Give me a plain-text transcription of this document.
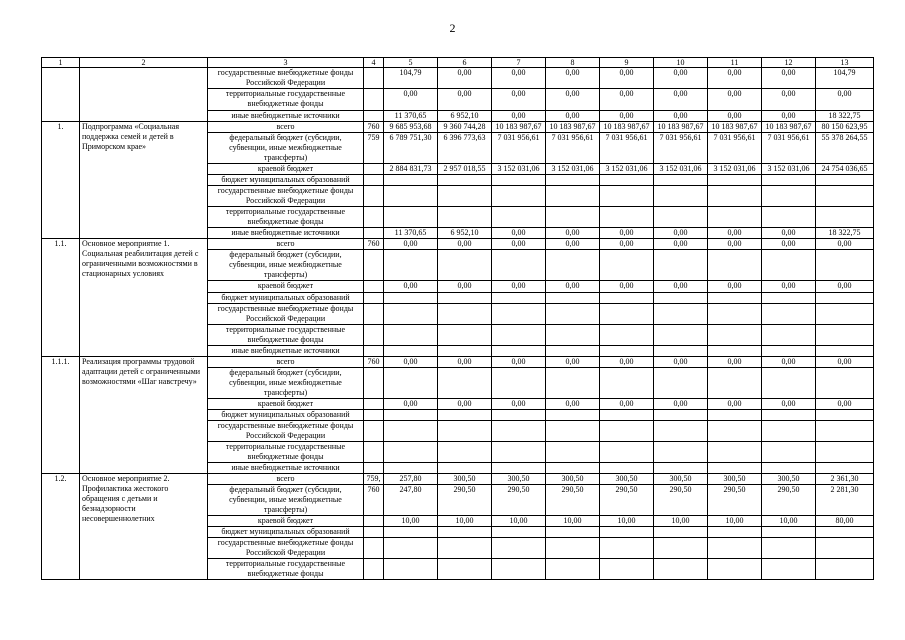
2
1	2	3	4	5	6	7	8	9	10	11	12	13
		государственные внебюджетные фонды Российской Федерации		104,79	0,00	0,00	0,00	0,00	0,00	0,00	0,00	104,79
		территориальные государственные внебюджетные фонды		0,00	0,00	0,00	0,00	0,00	0,00	0,00	0,00	0,00
		иные внебюджетные источники		11 370,65	6 952,10	0,00	0,00	0,00	0,00	0,00	0,00	18 322,75
1.	Подпрограмма «Социальная поддержка семей и детей в Приморском крае»	всего	760	9 685 953,68	9 360 744,28	10 183 987,67	10 183 987,67	10 183 987,67	10 183 987,67	10 183 987,67	10 183 987,67	80 150 623,95
		федеральный бюджет (субсидии, субвенции, иные межбюджетные трансферты)	759	6 789 751,30	6 396 773,63	7 031 956,61	7 031 956,61	7 031 956,61	7 031 956,61	7 031 956,61	7 031 956,61	55 378 264,55
		краевой бюджет		2 884 831,73	2 957 018,55	3 152 031,06	3 152 031,06	3 152 031,06	3 152 031,06	3 152 031,06	3 152 031,06	24 754 036,65
		бюджет муниципальных образований										
		государственные внебюджетные фонды Российской Федерации										
		территориальные государственные внебюджетные фонды										
		иные внебюджетные источники		11 370,65	6 952,10	0,00	0,00	0,00	0,00	0,00	0,00	18 322,75
1.1.	Основное мероприятие 1. Социальная реабилитация детей с ограниченными возможностями в стационарных условиях	всего	760	0,00	0,00	0,00	0,00	0,00	0,00	0,00	0,00	0,00
		федеральный бюджет (субсидии, субвенции, иные межбюджетные трансферты)										
		краевой бюджет		0,00	0,00	0,00	0,00	0,00	0,00	0,00	0,00	0,00
		бюджет муниципальных образований										
		государственные внебюджетные фонды Российской Федерации										
		территориальные государственные внебюджетные фонды										
		иные внебюджетные источники										
1.1.1.	Реализация программы трудовой адаптации детей с ограниченными возможностями «Шаг навстречу»	всего	760	0,00	0,00	0,00	0,00	0,00	0,00	0,00	0,00	0,00
		федеральный бюджет (субсидии, субвенции, иные межбюджетные трансферты)										
		краевой бюджет		0,00	0,00	0,00	0,00	0,00	0,00	0,00	0,00	0,00
		бюджет муниципальных образований										
		государственные внебюджетные фонды Российской Федерации										
		территориальные государственные внебюджетные фонды										
		иные внебюджетные источники										
1.2.	Основное мероприятие 2. Профилактика жестокого обращения с детьми и безнадзорности несовершеннолетних	всего	759,	257,80	300,50	300,50	300,50	300,50	300,50	300,50	300,50	2 361,30
		федеральный бюджет (субсидии, субвенции, иные межбюджетные трансферты)	760	247,80	290,50	290,50	290,50	290,50	290,50	290,50	290,50	2 281,30
		краевой бюджет		10,00	10,00	10,00	10,00	10,00	10,00	10,00	10,00	80,00
		бюджет муниципальных образований										
		государственные внебюджетные фонды Российской Федерации										
		территориальные государственные внебюджетные фонды										
